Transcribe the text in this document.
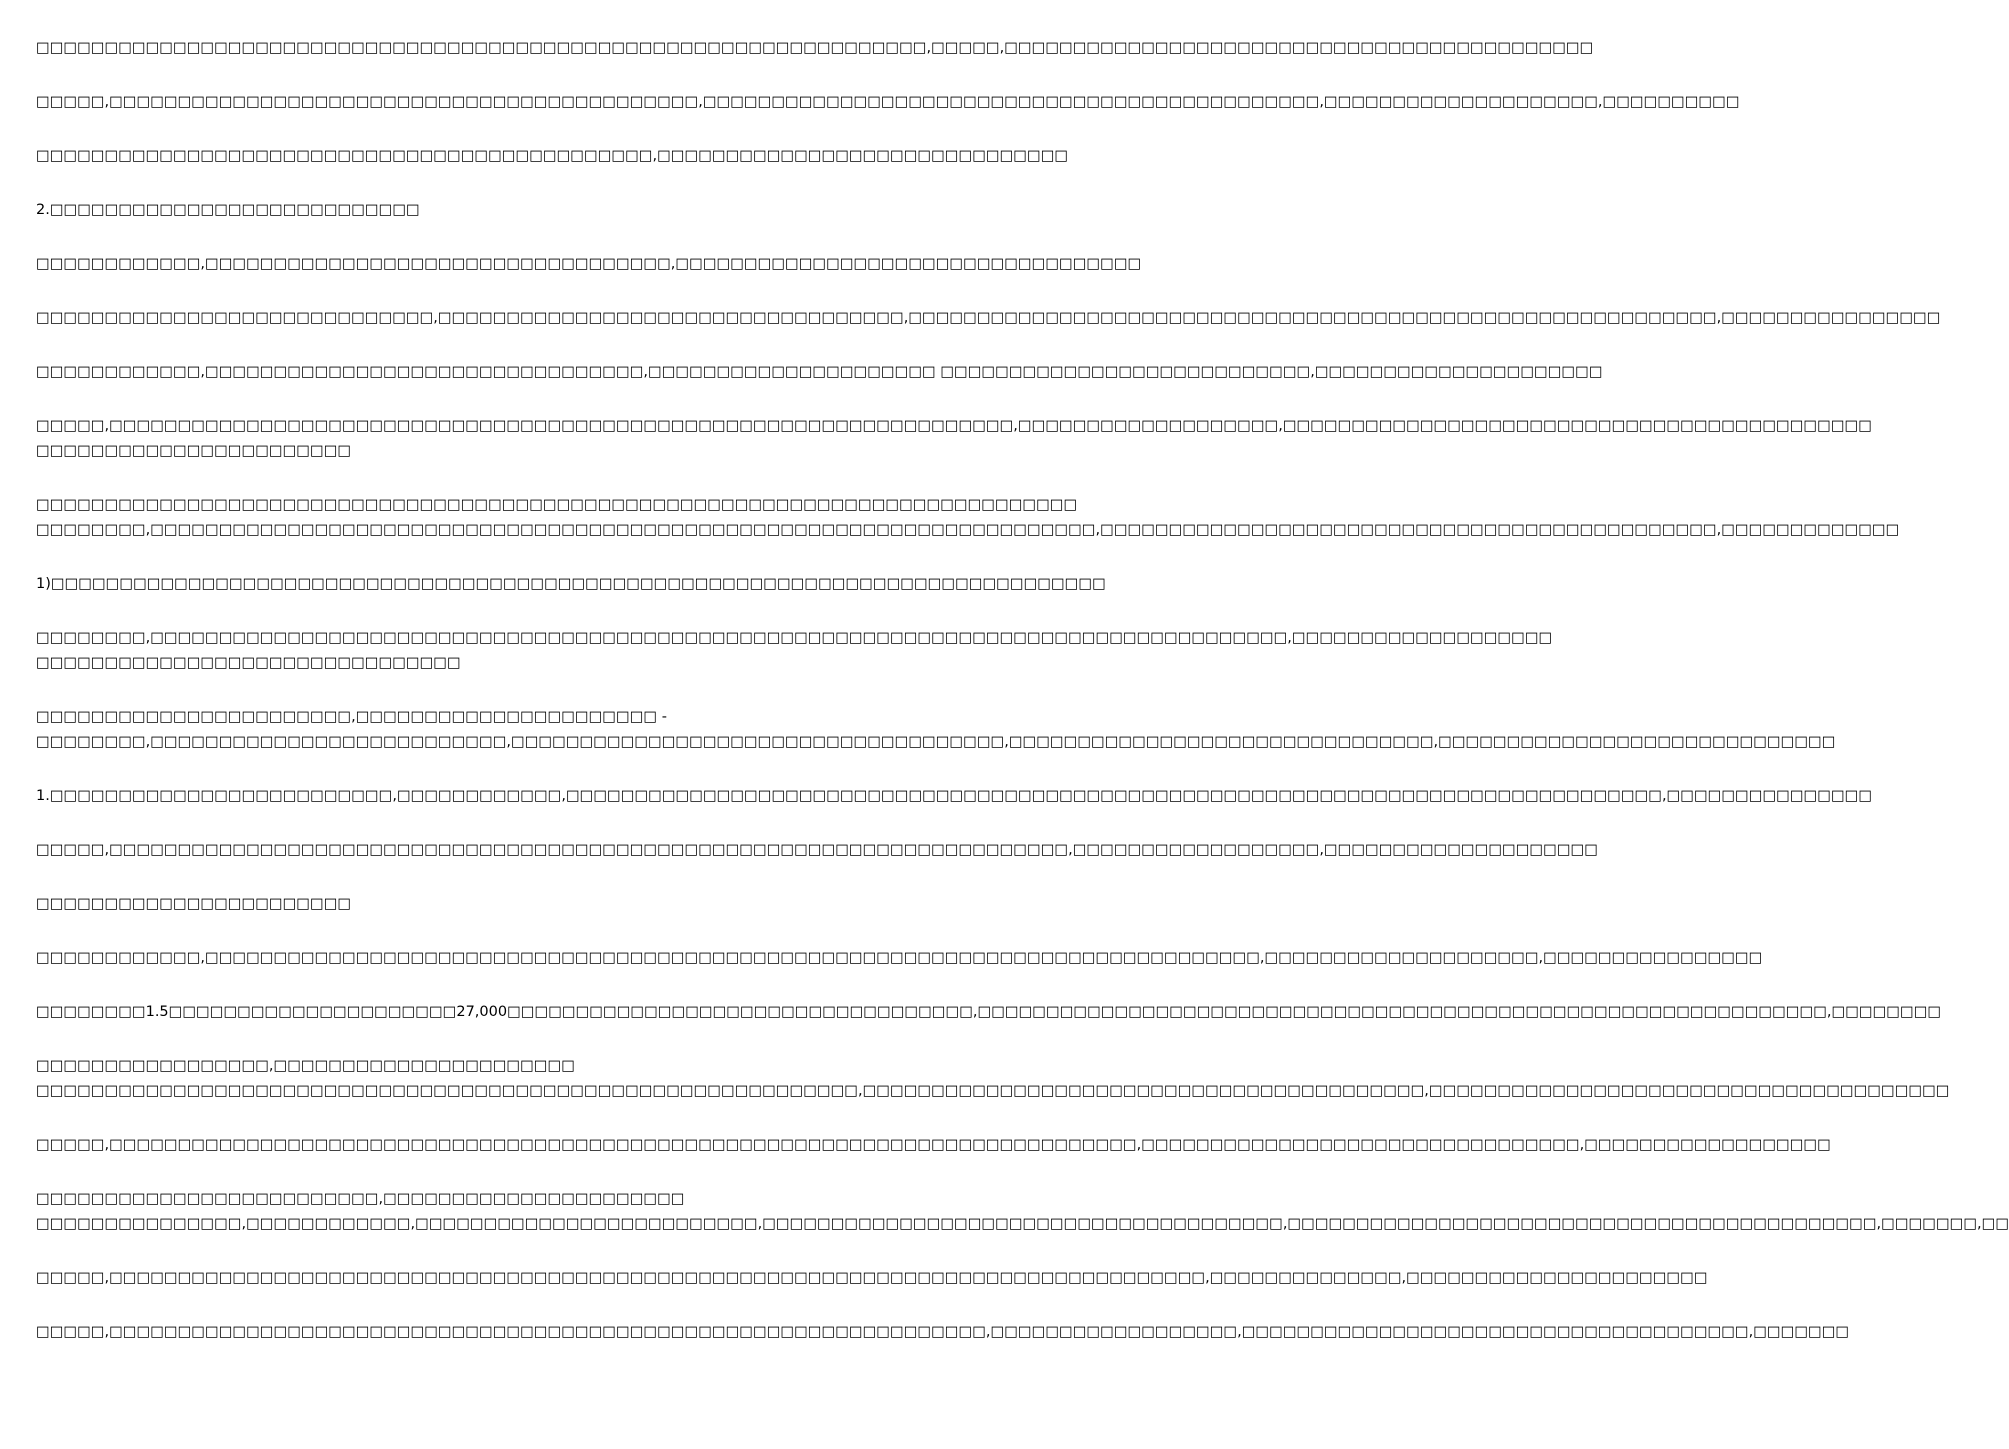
□□□□□□□□□□□□□□□□□□□□□□□□□□□□□□□□□□□□□□□□□□□□□□□□□□□□□□□□□□□□□□□□□,□□□□□,□□□□□□□□□□□□□□□□□□□□□□□□□□□□□□□□□□□□□□□□□□□
□□□□□,□□□□□□□□□□□□□□□□□□□□□□□□□□□□□□□□□□□□□□□□□□□,□□□□□□□□□□□□□□□□□□□□□□□□□□□□□□□□□□□□□□□□□□□□□,□□□□□□□□□□□□□□□□□□□□,□□□□□□□□□□
□□□□□□□□□□□□□□□□□□□□□□□□□□□□□□□□□□□□□□□□□□□□□,□□□□□□□□□□□□□□□□□□□□□□□□□□□□□□
2.□□□□□□□□□□□□□□□□□□□□□□□□□□□
□□□□□□□□□□□□,□□□□□□□□□□□□□□□□□□□□□□□□□□□□□□□□□□,□□□□□□□□□□□□□□□□□□□□□□□□□□□□□□□□□□
□□□□□□□□□□□□□□□□□□□□□□□□□□□□□,□□□□□□□□□□□□□□□□□□□□□□□□□□□□□□□□□□,□□□□□□□□□□□□□□□□□□□□□□□□□□□□□□□□□□□□□□□□□□□□□□□□□□□□□□□□□□□,□□□□□□□□□□□□□□□□
□□□□□□□□□□□□,□□□□□□□□□□□□□□□□□□□□□□□□□□□□□□□□,□□□□□□□□□□□□□□□□□□□□□ □□□□□□□□□□□□□□□□□□□□□□□□□□□,□□□□□□□□□□□□□□□□□□□□□
□□□□□,□□□□□□□□□□□□□□□□□□□□□□□□□□□□□□□□□□□□□□□□□□□□□□□□□□□□□□□□□□□□□□□□□□,□□□□□□□□□□□□□□□□□□□,□□□□□□□□□□□□□□□□□□□□□□□□□□□□□□□□□□□□□□□□□□□
□□□□□□□□□□□□□□□□□□□□□□□
□□□□□□□□□□□□□□□□□□□□□□□□□□□□□□□□□□□□□□□□□□□□□□□□□□□□□□□□□□□□□□□□□□□□□□□□□□□□
□□□□□□□□,□□□□□□□□□□□□□□□□□□□□□□□□□□□□□□□□□□□□□□□□□□□□□□□□□□□□□□□□□□□□□□□□□□□□□,□□□□□□□□□□□□□□□□□□□□□□□□□□□□□□□□□□□□□□□□□□□□□,□□□□□□□□□□□□□
1)□□□□□□□□□□□□□□□□□□□□□□□□□□□□□□□□□□□□□□□□□□□□□□□□□□□□□□□□□□□□□□□□□□□□□□□□□□□□□
□□□□□□□□,□□□□□□□□□□□□□□□□□□□□□□□□□□□□□□□□□□□□□□□□□□□□□□□□□□□□□□□□□□□□□□□□□□□□□□□□□□□□□□□□□□□,□□□□□□□□□□□□□□□□□□□
□□□□□□□□□□□□□□□□□□□□□□□□□□□□□□□
□□□□□□□□□□□□□□□□□□□□□□□,□□□□□□□□□□□□□□□□□□□□□□ -
□□□□□□□□,□□□□□□□□□□□□□□□□□□□□□□□□□□,□□□□□□□□□□□□□□□□□□□□□□□□□□□□□□□□□□□□,□□□□□□□□□□□□□□□□□□□□□□□□□□□□□□□,□□□□□□□□□□□□□□□□□□□□□□□□□□□□□
1.□□□□□□□□□□□□□□□□□□□□□□□□□,□□□□□□□□□□□□,□□□□□□□□□□□□□□□□□□□□□□□□□□□□□□□□□□□□□□□□□□□□□□□□□□□□□□□□□□□□□□□□□□□□□□□□□□□□□□□□,□□□□□□□□□□□□□□□
□□□□□,□□□□□□□□□□□□□□□□□□□□□□□□□□□□□□□□□□□□□□□□□□□□□□□□□□□□□□□□□□□□□□□□□□□□□□,□□□□□□□□□□□□□□□□□□,□□□□□□□□□□□□□□□□□□□□
□□□□□□□□□□□□□□□□□□□□□□□
□□□□□□□□□□□□,□□□□□□□□□□□□□□□□□□□□□□□□□□□□□□□□□□□□□□□□□□□□□□□□□□□□□□□□□□□□□□□□□□□□□□□□□□□□□,□□□□□□□□□□□□□□□□□□□□,□□□□□□□□□□□□□□□□
□□□□□□□□1.5□□□□□□□□□□□□□□□□□□□□□27,000□□□□□□□□□□□□□□□□□□□□□□□□□□□□□□□□□□,□□□□□□□□□□□□□□□□□□□□□□□□□□□□□□□□□□□□□□□□□□□□□□□□□□□□□□□□□□□□□□,□□□□□□□□
□□□□□□□□□□□□□□□□□,□□□□□□□□□□□□□□□□□□□□□□
□□□□□□□□□□□□□□□□□□□□□□□□□□□□□□□□□□□□□□□□□□□□□□□□□□□□□□□□□□□□,□□□□□□□□□□□□□□□□□□□□□□□□□□□□□□□□□□□□□□□□□,□□□□□□□□□□□□□□□□□□□□□□□□□□□□□□□□□□□□□□
□□□□□,□□□□□□□□□□□□□□□□□□□□□□□□□□□□□□□□□□□□□□□□□□□□□□□□□□□□□□□□□□□□□□□□□□□□□□□□□□□,□□□□□□□□□□□□□□□□□□□□□□□□□□□□□□□□,□□□□□□□□□□□□□□□□□□
□□□□□□□□□□□□□□□□□□□□□□□□□,□□□□□□□□□□□□□□□□□□□□□□
□□□□□□□□□□□□□□□,□□□□□□□□□□□□,□□□□□□□□□□□□□□□□□□□□□□□□□,□□□□□□□□□□□□□□□□□□□□□□□□□□□□□□□□□□□□□□,□□□□□□□□□□□□□□□□□□□□□□□□□□□□□□□□□□□□□□□□□□□,□□□□□□□,□□
□□□□□,□□□□□□□□□□□□□□□□□□□□□□□□□□□□□□□□□□□□□□□□□□□□□□□□□□□□□□□□□□□□□□□□□□□□□□□□□□□□□□□□,□□□□□□□□□□□□□□,□□□□□□□□□□□□□□□□□□□□□□
□□□□□,□□□□□□□□□□□□□□□□□□□□□□□□□□□□□□□□□□□□□□□□□□□□□□□□□□□□□□□□□□□□□□□□,□□□□□□□□□□□□□□□□□□,□□□□□□□□□□□□□□□□□□□□□□□□□□□□□□□□□□□□□,□□□□□□□
